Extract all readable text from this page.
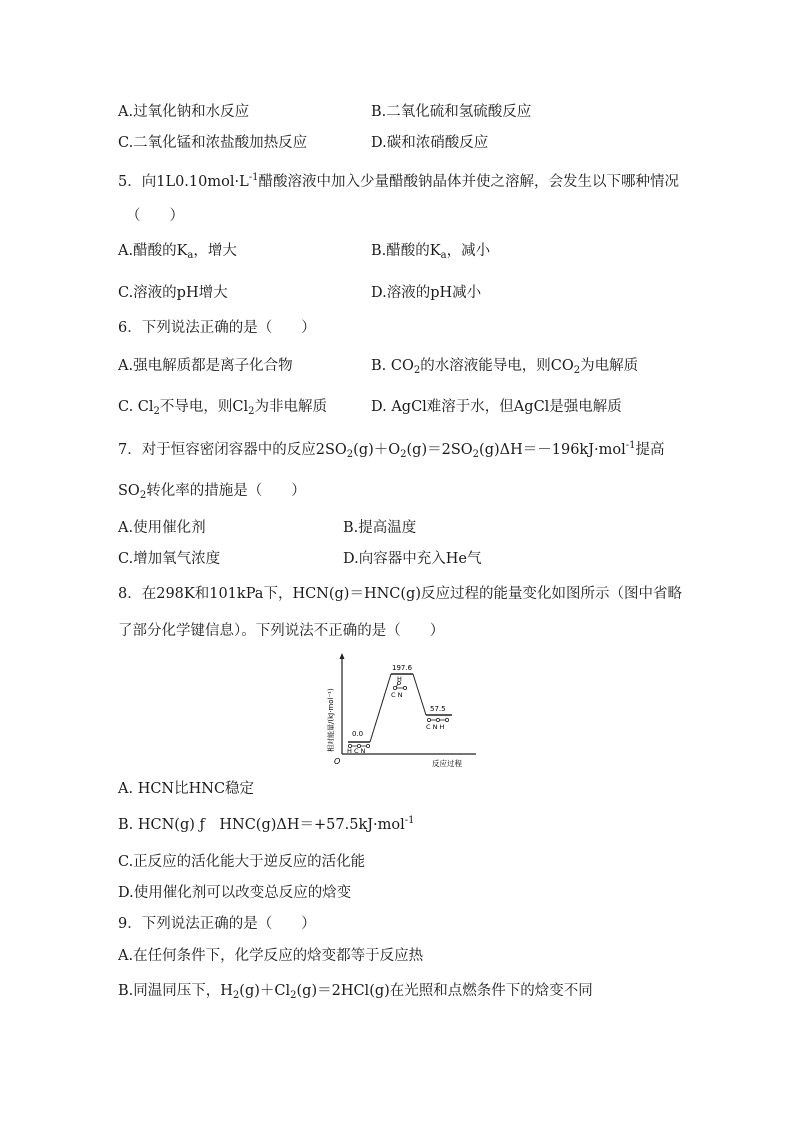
A.过氧化钠和水反应	B.二氧化硫和氢硫酸反应
C.二氧化锰和浓盐酸加热反应	D.碳和浓硝酸反应
5．向$1L0.10mol\cdot L^{-1}$醋酸溶液中加入少量醋酸钠晶体并使之溶解，会发生以下哪种情况
（　　）
A.醋酸的$K_a$，增大	B.醋酸的$K_a$，减小
C.溶液的pH增大	D.溶液的pH减小
6．下列说法正确的是（　　）
A.强电解质都是离子化合物	B. $CO_2$的水溶液能导电，则$CO_2$为电解质
C. $Cl_2$不导电，则$Cl_2$为非电解质	D. AgCl难溶于水，但AgCl是强电解质
7．对于恒容密闭容器中的反应$2SO_2(g)+O_2(g)=2SO_2(g)\Delta H=-196kJ\cdot mol^{-1}$提高
$SO_2$转化率的措施是（　　）
A.使用催化剂	B.提高温度
C.增加氧气浓度	D.向容器中充入He气
8．在298K和101kPa下，HCN(g)＝HNC(g)反应过程的能量变化如图所示（图中省略
了部分化学键信息）。下列说法不正确的是（　　）
O	反应过程
相对能量/(kJ·mol⁻¹) 0.0
197.6
57.5
H C N
H
C N
C N H
A. HCN比HNC稳定
B. HCN(g) ƒ　HNC(g)ΔH＝+57.5kJ·mol$^{-1}$
C.正反应的活化能大于逆反应的活化能
D.使用催化剂可以改变总反应的焓变
9．下列说法正确的是（　　）
A.在任何条件下，化学反应的焓变都等于反应热
B.同温同压下，$H_2(g)+Cl_2(g)=2HCl(g)$在光照和点燃条件下的焓变不同
